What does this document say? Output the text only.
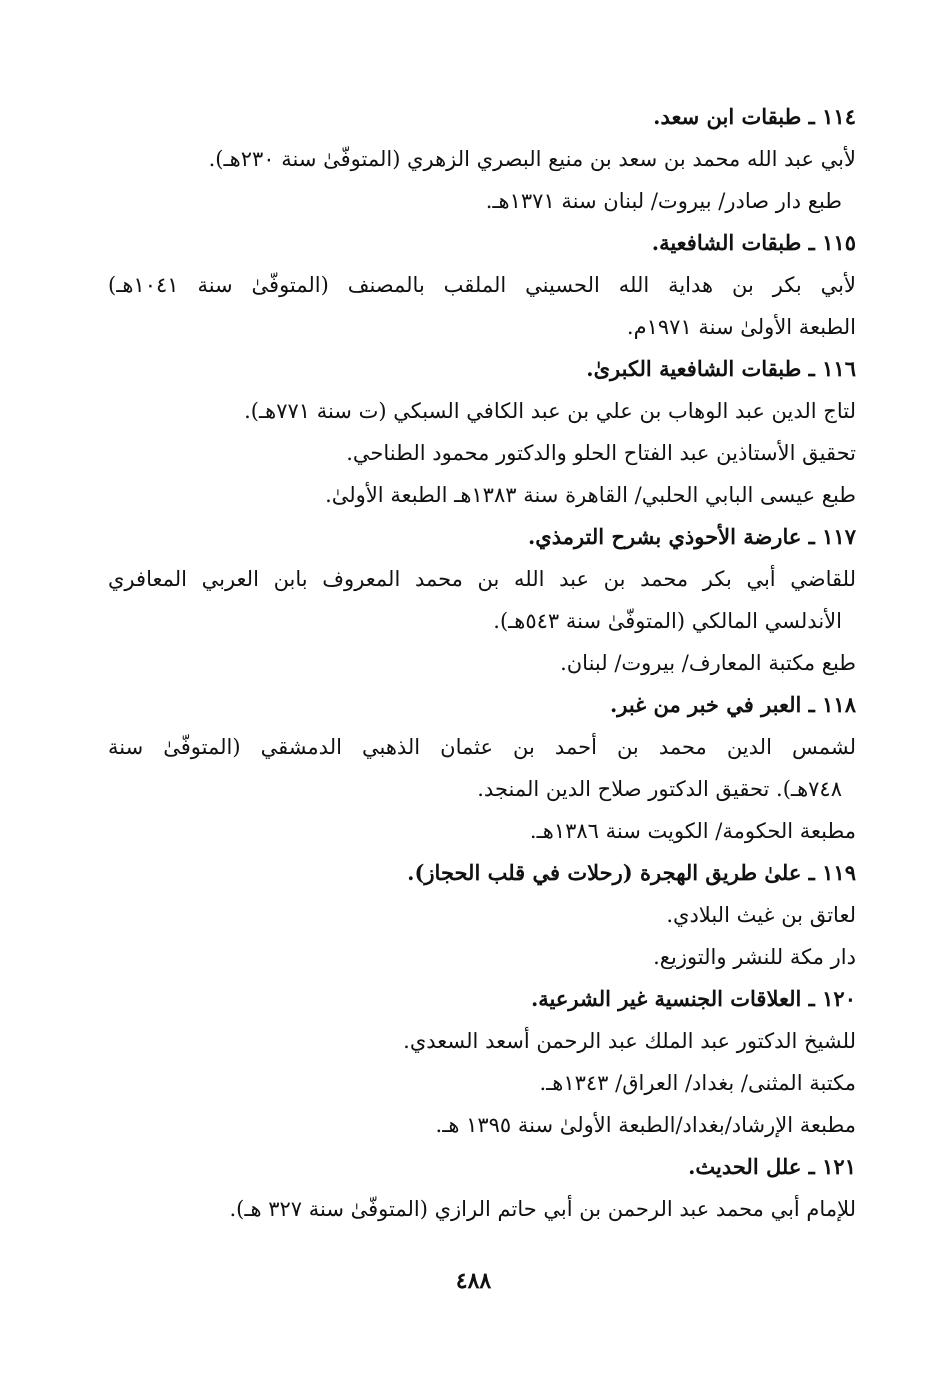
١١٤ ـ طبقات ابن سعد.
لأبي عبد الله محمد بن سعد بن منيع البصري الزهري (المتوفّىٰ سنة ٢٣٠هـ).
طبع دار صادر/ بيروت/ لبنان سنة ١٣٧١هـ.
١١٥ ـ طبقات الشافعية.
لأبي بكر بن هداية الله الحسيني الملقب بالمصنف (المتوفّىٰ سنة ١٠٤١هـ)
الطبعة الأولىٰ سنة ١٩٧١م.
١١٦ ـ طبقات الشافعية الكبرىٰ.
لتاج الدين عبد الوهاب بن علي بن عبد الكافي السبكي (ت سنة ٧٧١هـ).
تحقيق الأستاذين عبد الفتاح الحلو والدكتور محمود الطناحي.
طبع عيسى البابي الحلبي/ القاهرة سنة ١٣٨٣هـ الطبعة الأولىٰ.
١١٧ ـ عارضة الأحوذي بشرح الترمذي.
للقاضي أبي بكر محمد بن عبد الله بن محمد المعروف بابن العربي المعافري
الأندلسي المالكي (المتوفّىٰ سنة ٥٤٣هـ).
طبع مكتبة المعارف/ بيروت/ لبنان.
١١٨ ـ العبر في خبر من غبر.
لشمس الدين محمد بن أحمد بن عثمان الذهبي الدمشقي (المتوفّىٰ سنة
٧٤٨هـ). تحقيق الدكتور صلاح الدين المنجد.
مطبعة الحكومة/ الكويت سنة ١٣٨٦هـ.
١١٩ ـ علىٰ طريق الهجرة (رحلات في قلب الحجاز).
لعاتق بن غيث البلادي.
دار مكة للنشر والتوزيع.
١٢٠ ـ العلاقات الجنسية غير الشرعية.
للشيخ الدكتور عبد الملك عبد الرحمن أسعد السعدي.
مكتبة المثنى/ بغداد/ العراق/ ١٣٤٣هـ.
مطبعة الإرشاد/بغداد/الطبعة الأولىٰ سنة ١٣٩٥ هـ.
١٢١ ـ علل الحديث.
للإمام أبي محمد عبد الرحمن بن أبي حاتم الرازي (المتوفّىٰ سنة ٣٢٧ هـ).
٤٨٨
